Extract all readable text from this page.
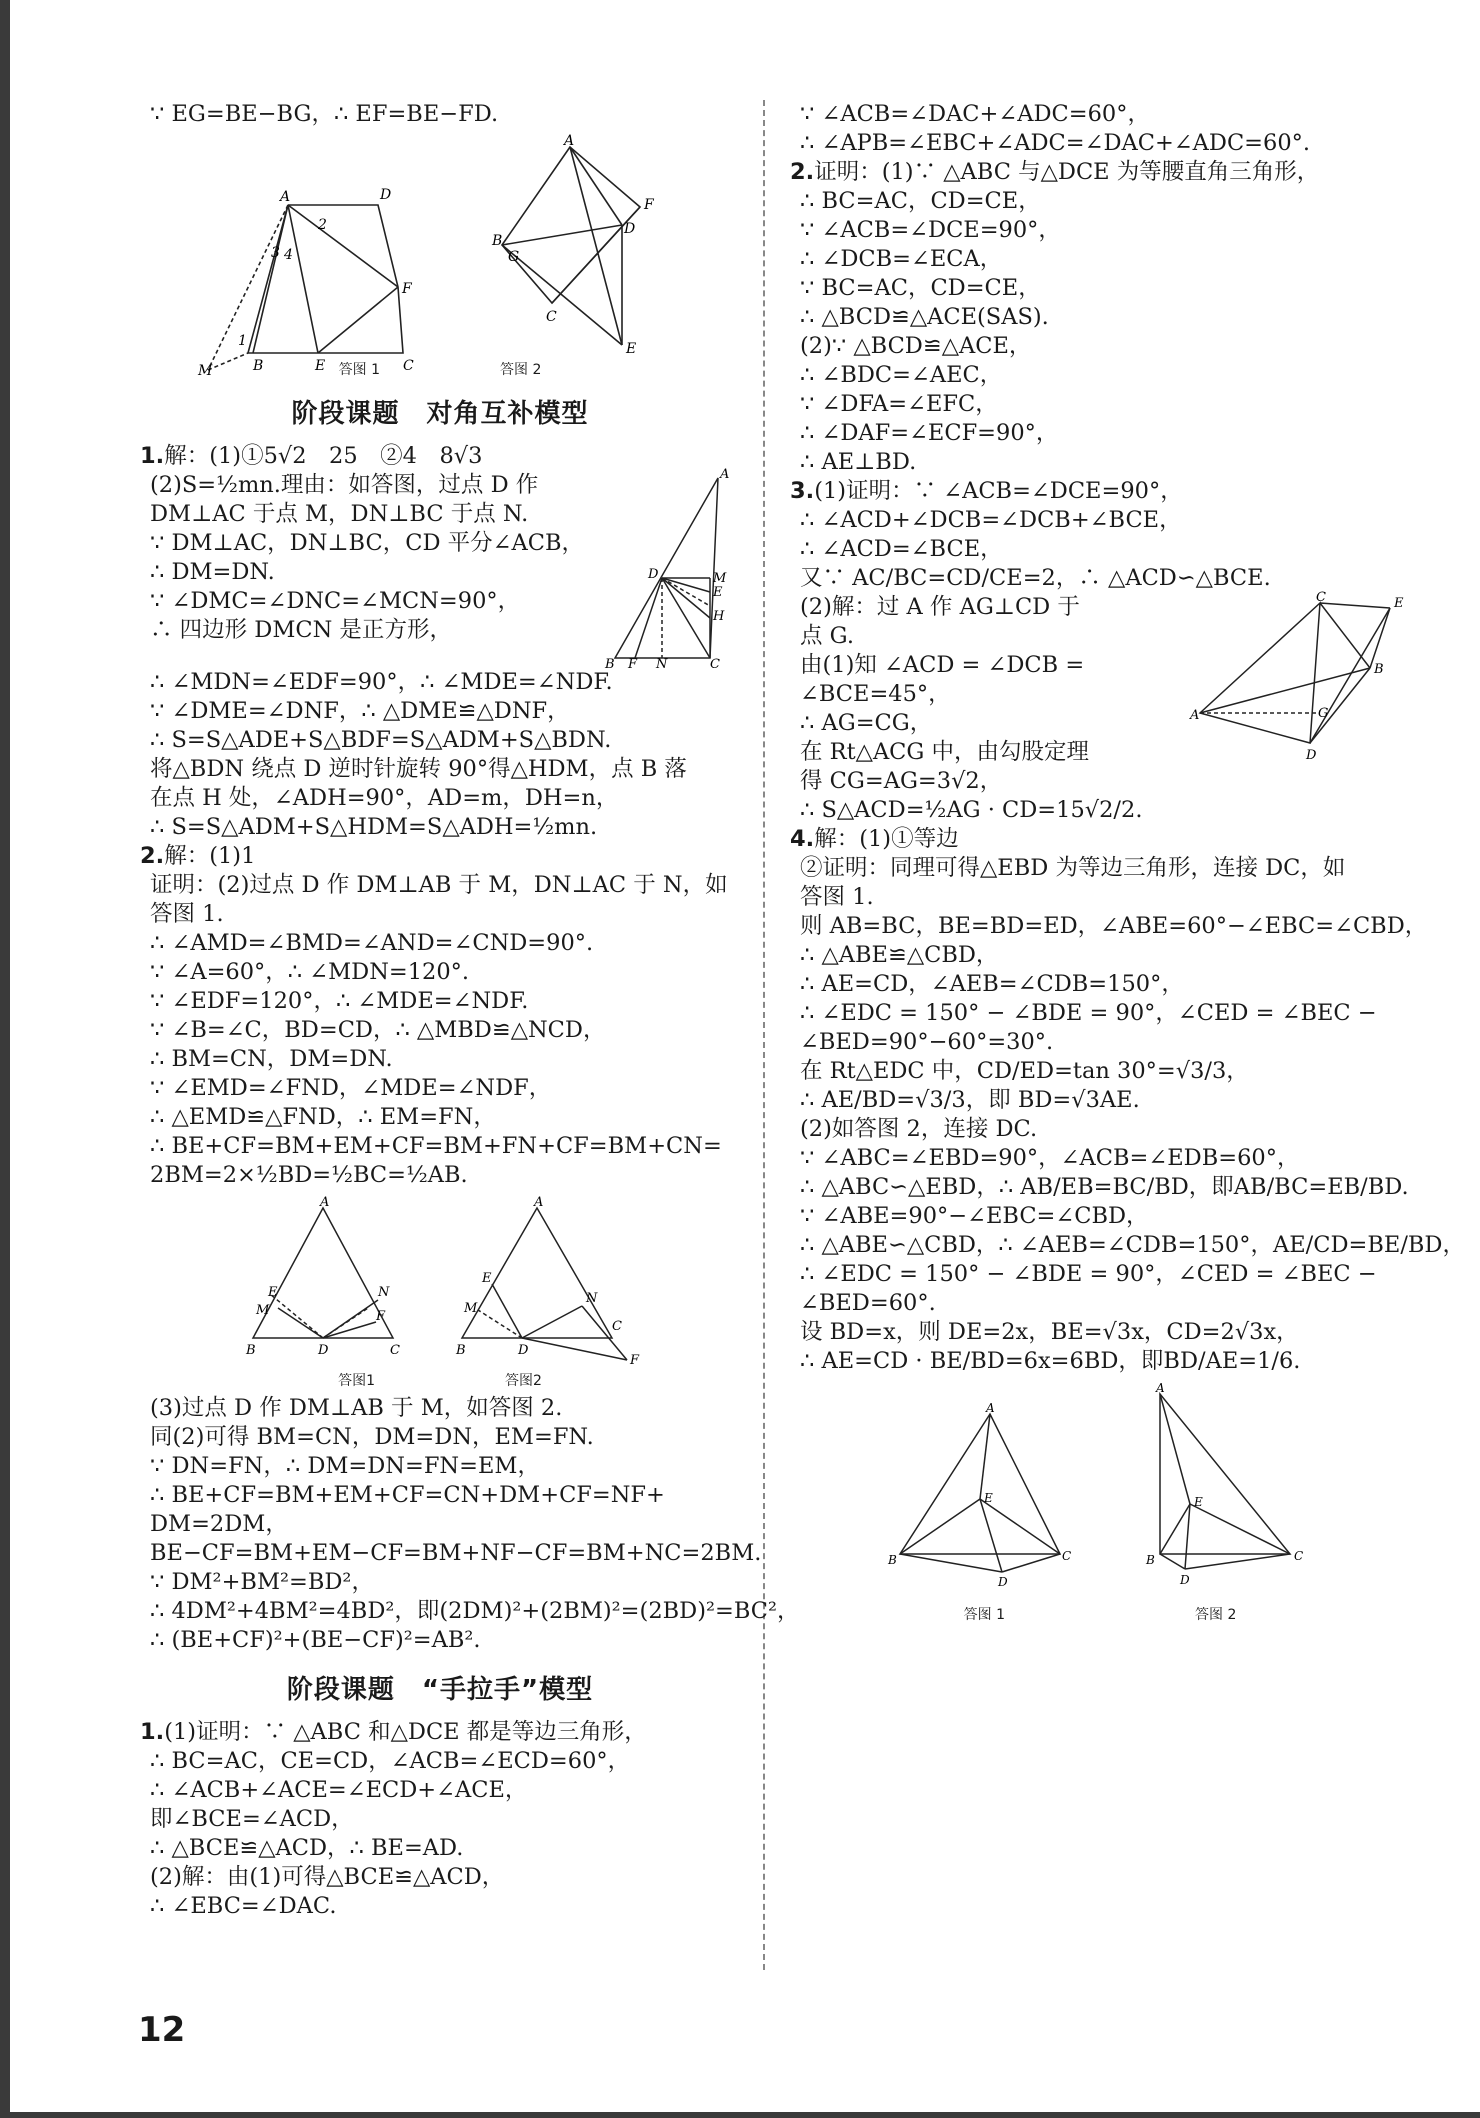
∵ EG=BE−BG，∴ EF=BE−FD.
A	D
F
C
E
B
M
2
3 4
1
A
B
G
C
D
F
E
答图 1	答图 2
阶段课题　对角互补模型
1.解：(1)①5√2　25　②4　8√3
(2)S=½mn.理由：如答图，过点 D 作
DM⊥AC 于点 M，DN⊥BC 于点 N.
∵ DM⊥AC，DN⊥BC，CD 平分∠ACB，
∴ DM=DN.
∵ ∠DMC=∠DNC=∠MCN=90°，
∴ 四边形 DMCN 是正方形，
A
D	M
E
H
B F N	C
∴ ∠MDN=∠EDF=90°，∴ ∠MDE=∠NDF.
∵ ∠DME=∠DNF，∴ △DME≌△DNF，
∴ S=S△ADE+S△BDF=S△ADM+S△BDN.
将△BDN 绕点 D 逆时针旋转 90°得△HDM，点 B 落
在点 H 处，∠ADH=90°，AD=m，DH=n，
∴ S=S△ADM+S△HDM=S△ADH=½mn.
2.解：(1)1
证明：(2)过点 D 作 DM⊥AB 于 M，DN⊥AC 于 N，如
答图 1.
∴ ∠AMD=∠BMD=∠AND=∠CND=90°.
∵ ∠A=60°，∴ ∠MDN=120°.
∵ ∠EDF=120°，∴ ∠MDE=∠NDF.
∵ ∠B=∠C，BD=CD，∴ △MBD≌△NCD，
∴ BM=CN，DM=DN.
∵ ∠EMD=∠FND，∠MDE=∠NDF，
∴ △EMD≌△FND，∴ EM=FN，
∴ BE+CF=BM+EM+CF=BM+FN+CF=BM+CN=
2BM=2×½BD=½BC=½AB.
A
E
M
N
F
B	D	C
A
E
M
N
C
F
B	D
答图1	答图2
(3)过点 D 作 DM⊥AB 于 M，如答图 2.
同(2)可得 BM=CN，DM=DN，EM=FN.
∵ DN=FN，∴ DM=DN=FN=EM，
∴ BE+CF=BM+EM+CF=CN+DM+CF=NF+
DM=2DM，
BE−CF=BM+EM−CF=BM+NF−CF=BM+NC=2BM.
∵ DM²+BM²=BD²，
∴ 4DM²+4BM²=4BD²，即(2DM)²+(2BM)²=(2BD)²=BC²，
∴ (BE+CF)²+(BE−CF)²=AB².
阶段课题　“手拉手”模型
1.(1)证明：∵ △ABC 和△DCE 都是等边三角形，
∴ BC=AC，CE=CD，∠ACB=∠ECD=60°，
∴ ∠ACB+∠ACE=∠ECD+∠ACE，
即∠BCE=∠ACD，
∴ △BCE≌△ACD，∴ BE=AD.
(2)解：由(1)可得△BCE≌△ACD，
∴ ∠EBC=∠DAC.
∵ ∠ACB=∠DAC+∠ADC=60°，
∴ ∠APB=∠EBC+∠ADC=∠DAC+∠ADC=60°.
2.证明：(1)∵ △ABC 与△DCE 为等腰直角三角形，
∴ BC=AC，CD=CE，
∵ ∠ACB=∠DCE=90°，
∴ ∠DCB=∠ECA，
∵ BC=AC，CD=CE，
∴ △BCD≌△ACE(SAS).
(2)∵ △BCD≌△ACE，
∴ ∠BDC=∠AEC，
∵ ∠DFA=∠EFC，
∴ ∠DAF=∠ECF=90°，
∴ AE⊥BD.
3.(1)证明：∵ ∠ACB=∠DCE=90°，
∴ ∠ACD+∠DCB=∠DCB+∠BCE，
∴ ∠ACD=∠BCE，
又∵ AC/BC=CD/CE=2，∴ △ACD∽△BCE.
(2)解：过 A 作 AG⊥CD 于
点 G.
由(1)知 ∠ACD = ∠DCB =
∠BCE=45°，
∴ AG=CG，
在 Rt△ACG 中，由勾股定理
得 CG=AG=3√2，
C	E
B
A	G
D
∴ S△ACD=½AG · CD=15√2/2.
4.解：(1)①等边
②证明：同理可得△EBD 为等边三角形，连接 DC，如
答图 1.
则 AB=BC，BE=BD=ED，∠ABE=60°−∠EBC=∠CBD，
∴ △ABE≌△CBD，
∴ AE=CD，∠AEB=∠CDB=150°，
∴ ∠EDC = 150° − ∠BDE = 90°，∠CED = ∠BEC −
∠BED=90°−60°=30°.
在 Rt△EDC 中，CD/ED=tan 30°=√3/3，
∴ AE/BD=√3/3，即 BD=√3AE.
(2)如答图 2，连接 DC.
∵ ∠ABC=∠EBD=90°，∠ACB=∠EDB=60°，
∴ △ABC∽△EBD，∴ AB/EB=BC/BD，即AB/BC=EB/BD.
∵ ∠ABE=90°−∠EBC=∠CBD，
∴ △ABE∽△CBD，∴ ∠AEB=∠CDB=150°，AE/CD=BE/BD，
∴ ∠EDC = 150° − ∠BDE = 90°，∠CED = ∠BEC −
∠BED=60°.
设 BD=x，则 DE=2x，BE=√3x，CD=2√3x，
∴ AE=CD · BE/BD=6x=6BD，即BD/AE=1/6.
A
E
B	C
D
A
E
B	C
D
答图 1	答图 2
12
